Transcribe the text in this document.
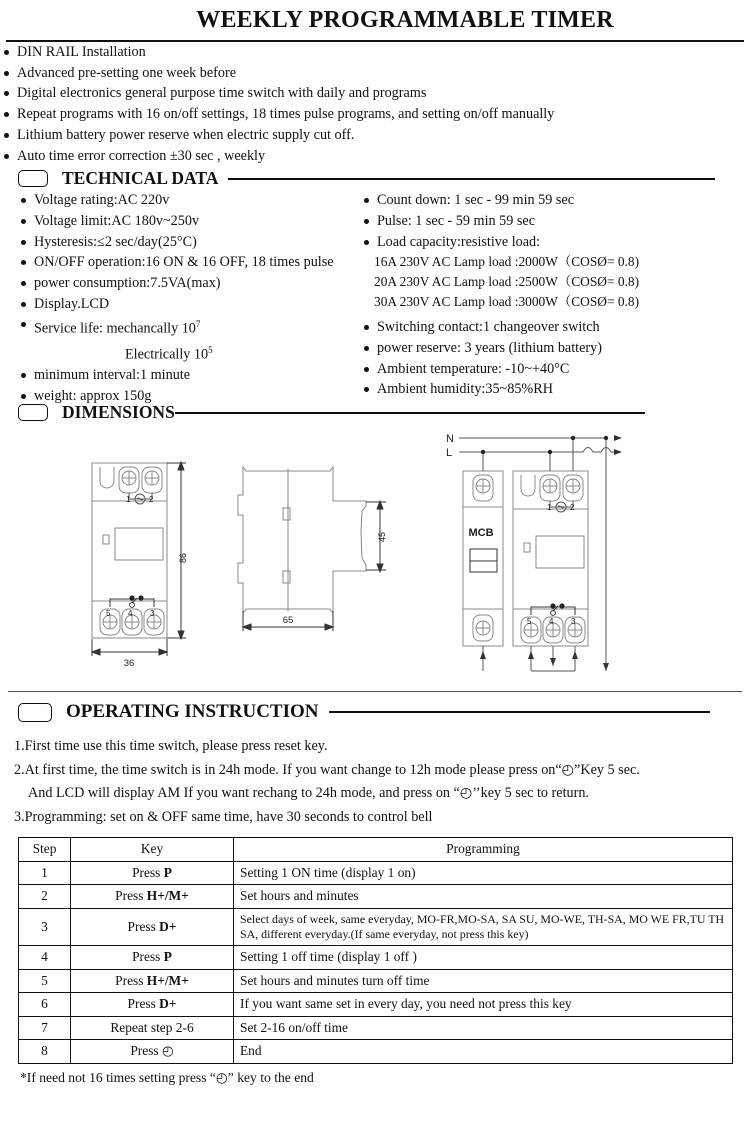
WEEKLY PROGRAMMABLE TIMER
DIN RAIL Installation
Advanced pre-setting one week before
Digital electronics general purpose time switch with daily and programs
Repeat programs with 16 on/off settings, 18 times pulse programs, and setting on/off manually
Lithium battery power reserve when electric supply cut off.
Auto time error correction ±30 sec , weekly
TECHNICAL DATA
Voltage rating:AC 220v
Voltage limit:AC 180v~250v
Hysteresis:≤2 sec/day(25°C)
ON/OFF operation:16 ON & 16 OFF, 18 times pulse
power consumption:7.5VA(max)
Display.LCD
Service life: mechancally $10^7$
Electrically $10^5$
minimum interval:1 minute
weight: approx 150g
Count down: 1 sec - 99 min 59 sec
Pulse: 1 sec - 59 min 59 sec
Load capacity:resistive load:
16A 230V AC Lamp load :2000W（COSØ= 0.8)
20A 230V AC Lamp load :2500W（COSØ= 0.8)
30A 230V AC Lamp load :3000W（COSØ= 0.8)
Switching contact:1 changeover switch
power reserve: 3 years (lithium battery)
Ambient temperature: -10~+40°C
Ambient humidity:35~85%RH
DIMENSIONS
1 2
5 4 3
86
36
45
65
1 2
5 4 3
MCB
N
L
OPERATING INSTRUCTION
1.First time use this time switch, please press reset key.
2.At first time, the time switch is in 24h mode. If you want change to 12h mode please press on“◴”Key 5 sec.
And LCD will display AM If you want rechang to 24h mode, and press on “◴’’key 5 sec to return.
3.Programming: set on & OFF same time, have 30 seconds to control bell
Step	Key	Programming
1	Press P	Setting 1 ON time (display 1 on)
2	Press H+/M+	Set hours and minutes
3	Press D+	Select days of week, same everyday, MO-FR,MO-SA, SA SU, MO-WE, TH-SA, MO WE FR,TU TH SA, different everyday.(If same everyday, not press this key)
4	Press P	Setting 1 off time (display 1 off )
5	Press H+/M+	Set hours and minutes turn off time
6	Press D+	If you want same set in every day, you need not press this key
7	Repeat step 2-6	Set 2-16 on/off time
8	Press ◴	End
*If need not 16 times setting press “◴” key to the end
